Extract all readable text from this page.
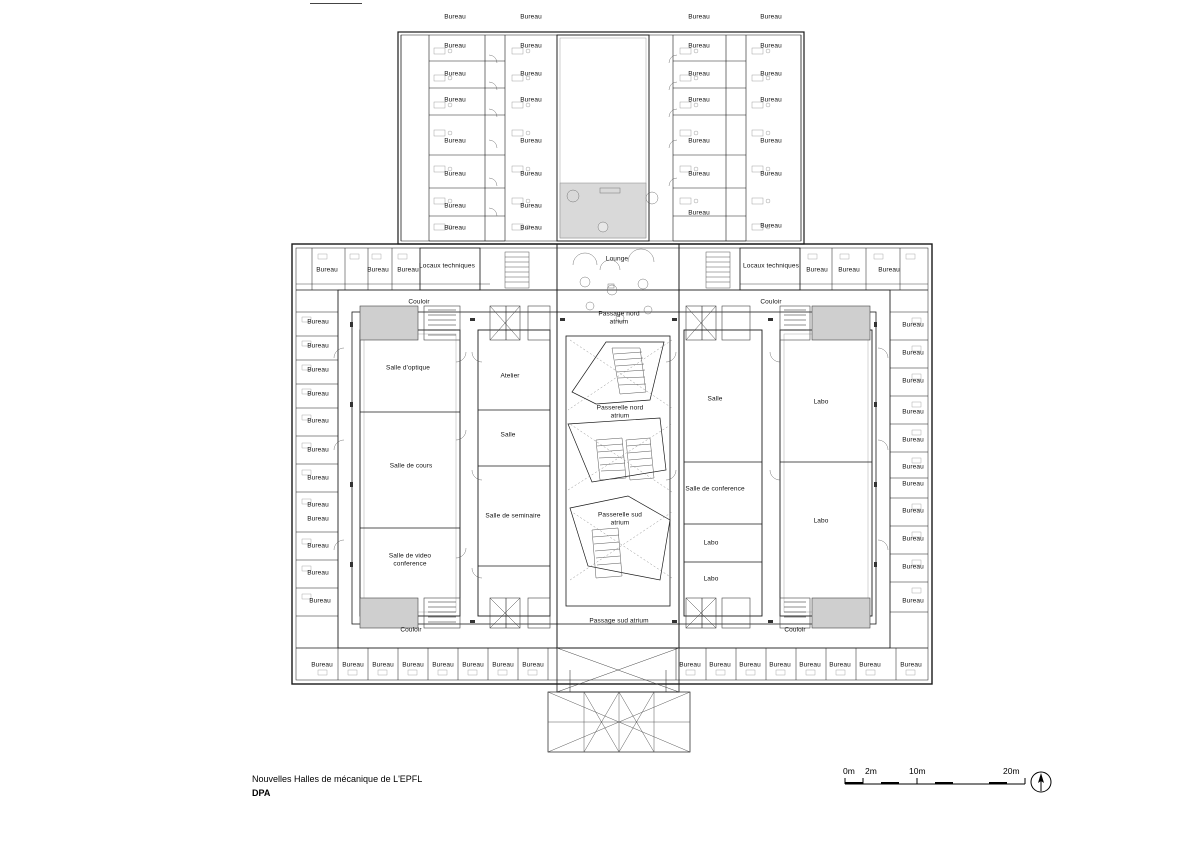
Bureau	Bureau	Bureau	Bureau
Bureau	Bureau	Bureau	Bureau
Bureau	Bureau	Bureau	Bureau
Bureau	Bureau	Bureau	Bureau
Bureau	Bureau	Bureau	Bureau
Bureau	Bureau	Bureau	Bureau
Bureau	Bureau
Bureau
Bureau
Bureau	Bureau
Locaux techniques	Locaux techniques
Bureau	Bureau Bureau	Bureau Bureau	Bureau
Couloir	Couloir
Couloir	Couloir
Lounge
Passage nord atrium
Passerelle nord atrium
Passerelle sud atrium
Passage sud atrium
Salle d'optique
Salle de cours
Salle de video conference
Atelier
Salle
Salle de seminaire
Salle
Salle de conference
Labo
Labo
Labo
Labo
Bureau
Bureau
Bureau
Bureau
Bureau
Bureau
Bureau
Bureau
Bureau
Bureau
Bureau
Bureau
Bureau
Bureau
Bureau
Bureau
Bureau
Bureau
Bureau
Bureau
Bureau
Bureau
Bureau
Bureau Bureau Bureau Bureau Bureau Bureau Bureau Bureau	Bureau Bureau Bureau Bureau Bureau Bureau Bureau	Bureau
Nouvelles Halles de mécanique de L'EPFL
DPA
0m 2m	10m	20m
